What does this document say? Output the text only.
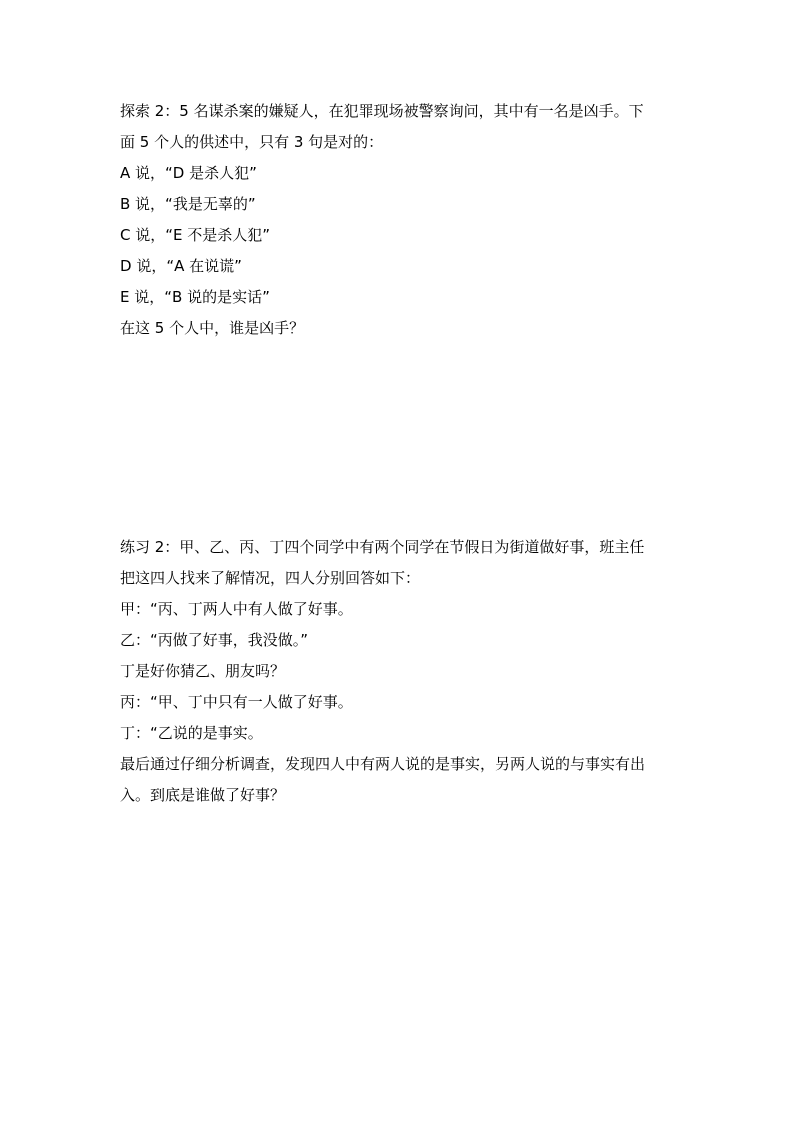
探索 2：5 名谋杀案的嫌疑人，在犯罪现场被警察询问，其中有一名是凶手。下
面 5 个人的供述中，只有 3 句是对的：
A 说，“D 是杀人犯”
B 说，“我是无辜的”
C 说，“E 不是杀人犯”
D 说，“A 在说谎”
E 说，“B 说的是实话”
在这 5 个人中，谁是凶手？
练习 2：甲、乙、丙、丁四个同学中有两个同学在节假日为街道做好事，班主任
把这四人找来了解情况，四人分别回答如下：
甲：“丙、丁两人中有人做了好事。
乙：“丙做了好事，我没做。”
丁是好你猜乙、朋友吗？
丙：“甲、丁中只有一人做了好事。
丁：“乙说的是事实。
最后通过仔细分析调查，发现四人中有两人说的是事实，另两人说的与事实有出
入。到底是谁做了好事？
